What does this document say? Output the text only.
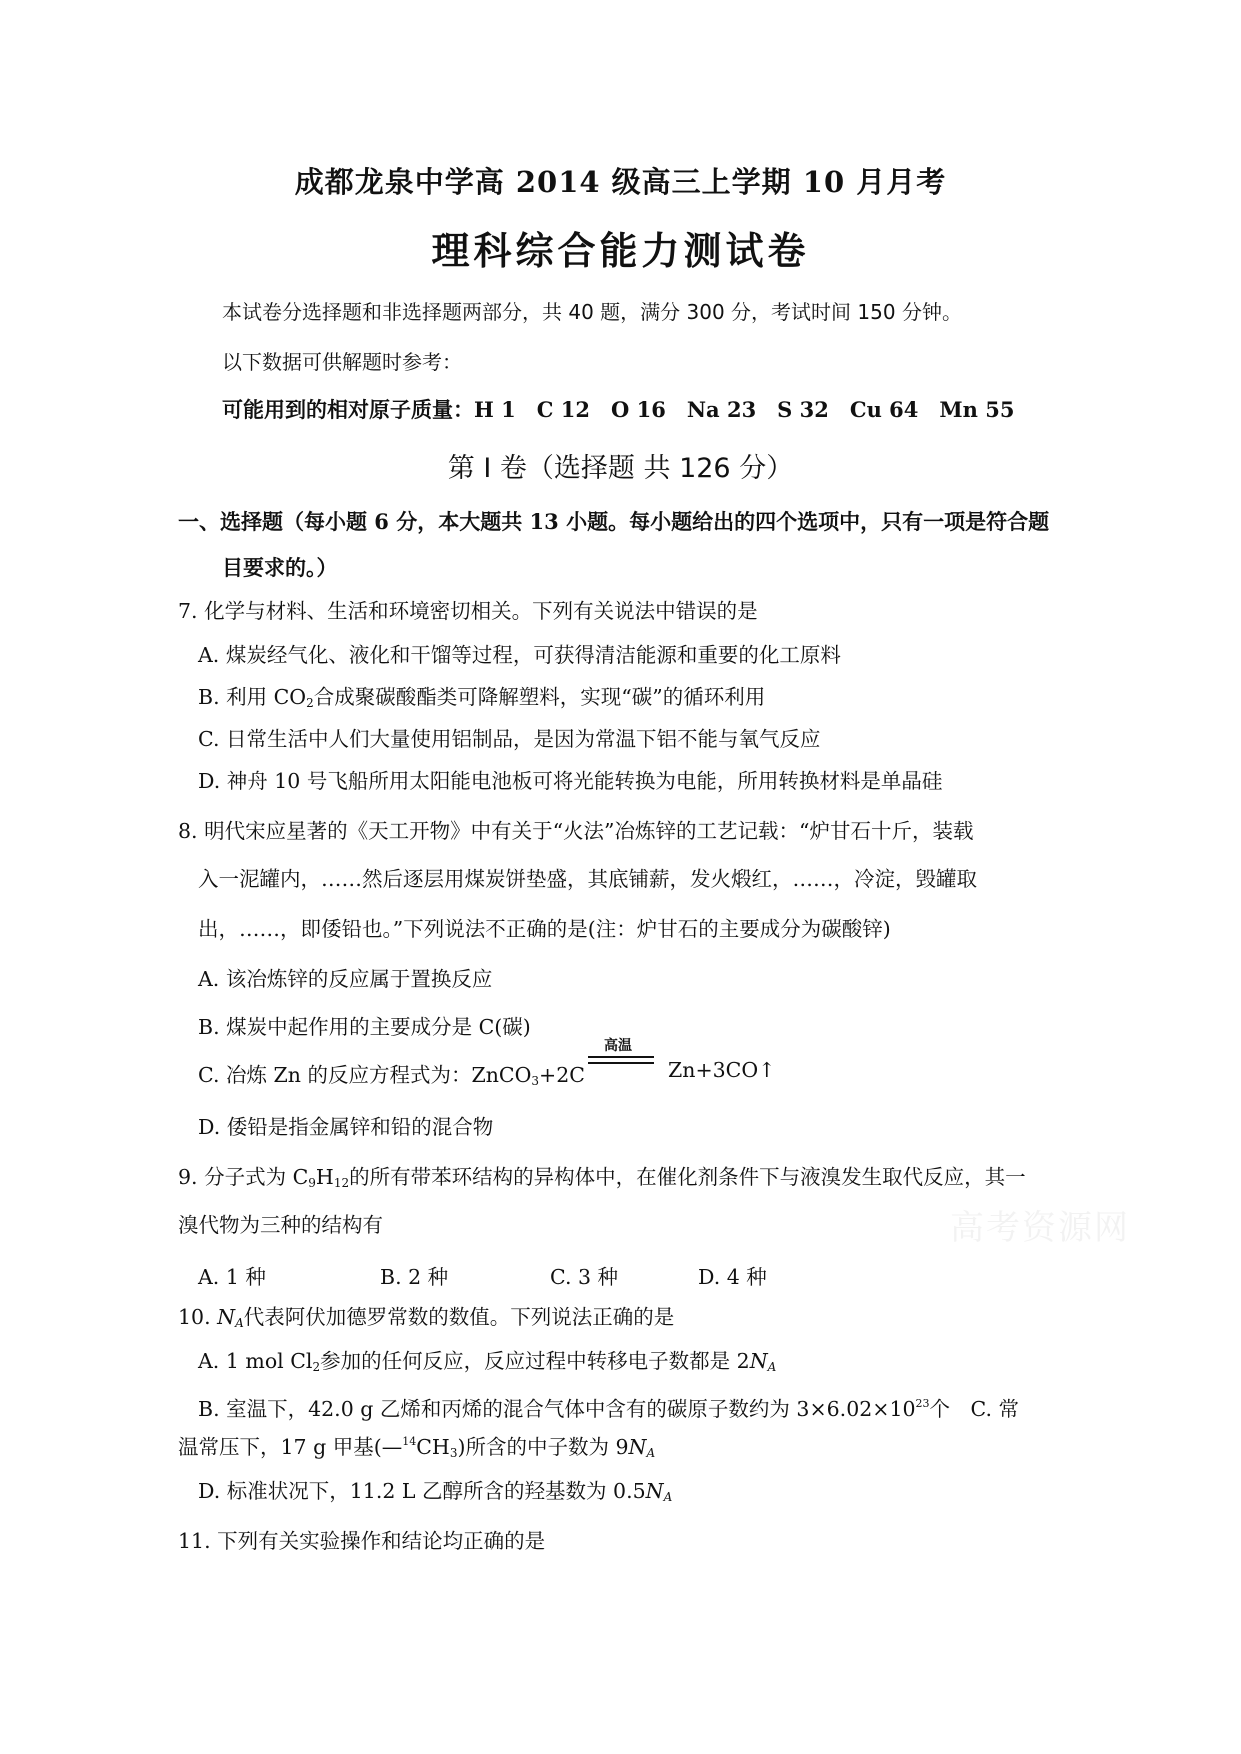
成都龙泉中学高 2014 级高三上学期 10 月月考
理科综合能力测试卷
本试卷分选择题和非选择题两部分，共 40 题，满分 300 分，考试时间 150 分钟。
以下数据可供解题时参考：
可能用到的相对原子质量：H 1　C 12　O 16　Na 23　S 32　Cu 64　Mn 55
第 Ⅰ 卷（选择题 共 126 分）
一、选择题（每小题 6 分，本大题共 13 小题。每小题给出的四个选项中，只有一项是符合题
目要求的。）
7. 化学与材料、生活和环境密切相关。下列有关说法中错误的是
A. 煤炭经气化、液化和干馏等过程，可获得清洁能源和重要的化工原料
B. 利用 $CO_2$合成聚碳酸酯类可降解塑料，实现“碳”的循环利用
C. 日常生活中人们大量使用铝制品，是因为常温下铝不能与氧气反应
D. 神舟 10 号飞船所用太阳能电池板可将光能转换为电能，所用转换材料是单晶硅
8. 明代宋应星著的《天工开物》中有关于“火法”冶炼锌的工艺记载：“炉甘石十斤，装载
入一泥罐内，……然后逐层用煤炭饼垫盛，其底铺薪，发火煅红，……，冷淀，毁罐取
出，……，即倭铅也。”下列说法不正确的是(注：炉甘石的主要成分为碳酸锌)
A. 该冶炼锌的反应属于置换反应
B. 煤炭中起作用的主要成分是 C(碳)
C. 冶炼 Zn 的反应方程式为：ZnCO$_3$+2C
高温
Zn+3CO↑
D. 倭铅是指金属锌和铅的混合物
9. 分子式为 $C_9H_{12}$的所有带苯环结构的异构体中，在催化剂条件下与液溴发生取代反应，其一
溴代物为三种的结构有
A. 1 种	B. 2 种	C. 3 种	D. 4 种
10. $N_A$代表阿伏加德罗常数的数值。下列说法正确的是
A. 1 mol $Cl_2$参加的任何反应，反应过程中转移电子数都是 $2N_A$
B. 室温下，42.0 g 乙烯和丙烯的混合气体中含有的碳原子数约为 $3\times 6.02\times 10^{23}$个　C. 常
温常压下，17 g 甲基$(—^{14}CH_3)$所含的中子数为 $9N_A$
D. 标准状况下，11.2 L 乙醇所含的羟基数为 $0.5N_A$
11. 下列有关实验操作和结论均正确的是
高考资源网
